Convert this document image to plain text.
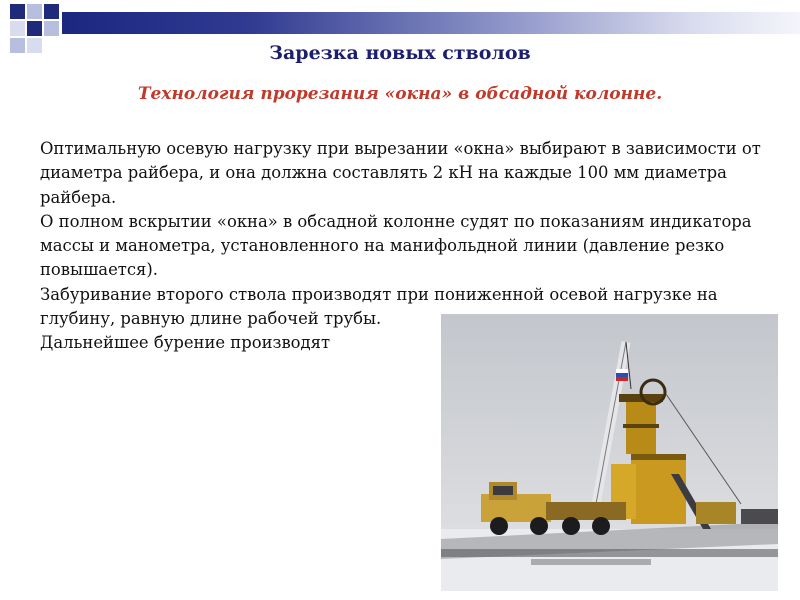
Зарезка новых стволов
Технология прорезания «окна» в обсадной колонне.

Оптимальную осевую нагрузку при вырезании «окна» выбирают в зависимости от диаметра райбера, и она должна составлять 2 кН на каждые 100 мм диаметра райбера.

О полном вскрытии «окна» в обсадной колонне судят по показаниям индикатора массы и манометра, установленного на манифольдной линии (давление резко повышается).

Забуривание второго ствола производят при пониженной осевой нагрузке на глубину, равную длине рабочей трубы.

Дальнейшее бурение производят
